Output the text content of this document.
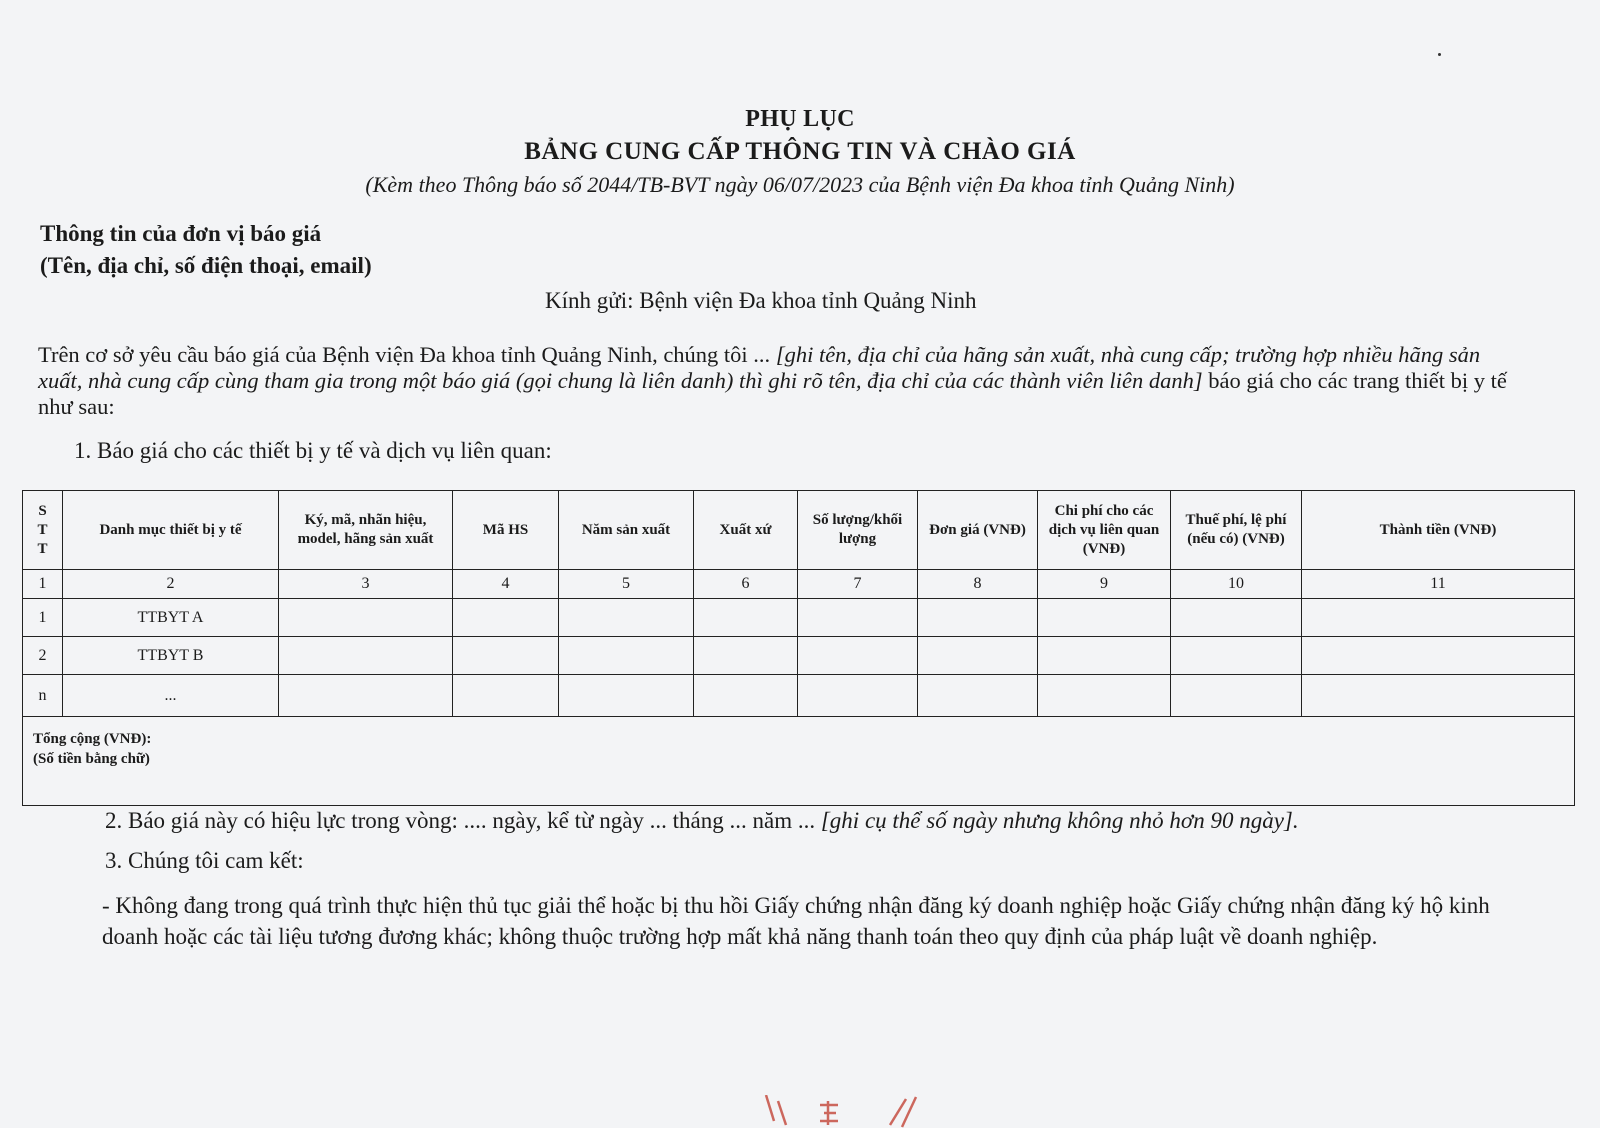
PHỤ LỤC
BẢNG CUNG CẤP THÔNG TIN VÀ CHÀO GIÁ
(Kèm theo Thông báo số 2044/TB-BVT ngày 06/07/2023 của Bệnh viện Đa khoa tỉnh Quảng Ninh)
Thông tin của đơn vị báo giá
(Tên, địa chỉ, số điện thoại, email)
Kính gửi: Bệnh viện Đa khoa tỉnh Quảng Ninh
Trên cơ sở yêu cầu báo giá của Bệnh viện Đa khoa tỉnh Quảng Ninh, chúng tôi ... [ghi tên, địa chỉ của hãng sản xuất, nhà cung cấp; trường hợp nhiều hãng sản xuất, nhà cung cấp cùng tham gia trong một báo giá (gọi chung là liên danh) thì ghi rõ tên, địa chỉ của các thành viên liên danh] báo giá cho các trang thiết bị y tế như sau:
1. Báo giá cho các thiết bị y tế và dịch vụ liên quan:
S
T
T	Danh mục thiết bị y tế	Ký, mã, nhãn hiệu, model, hãng sản xuất	Mã HS	Năm sản xuất	Xuất xứ	Số lượng/khối lượng	Đơn giá (VNĐ)	Chi phí cho các dịch vụ liên quan (VNĐ)	Thuế phí, lệ phí (nếu có) (VNĐ)	Thành tiền (VNĐ)
1	2	3	4	5	6	7	8	9	10	11
1	TTBYT A									
2	TTBYT B									
n	...									

Tổng cộng (VNĐ):
(Số tiền bằng chữ)										
2. Báo giá này có hiệu lực trong vòng: .... ngày, kể từ ngày ... tháng ... năm ... [ghi cụ thể số ngày nhưng không nhỏ hơn 90 ngày].
3. Chúng tôi cam kết:
- Không đang trong quá trình thực hiện thủ tục giải thể hoặc bị thu hồi Giấy chứng nhận đăng ký doanh nghiệp hoặc Giấy chứng nhận đăng ký hộ kinh doanh hoặc các tài liệu tương đương khác; không thuộc trường hợp mất khả năng thanh toán theo quy định của pháp luật về doanh nghiệp.
